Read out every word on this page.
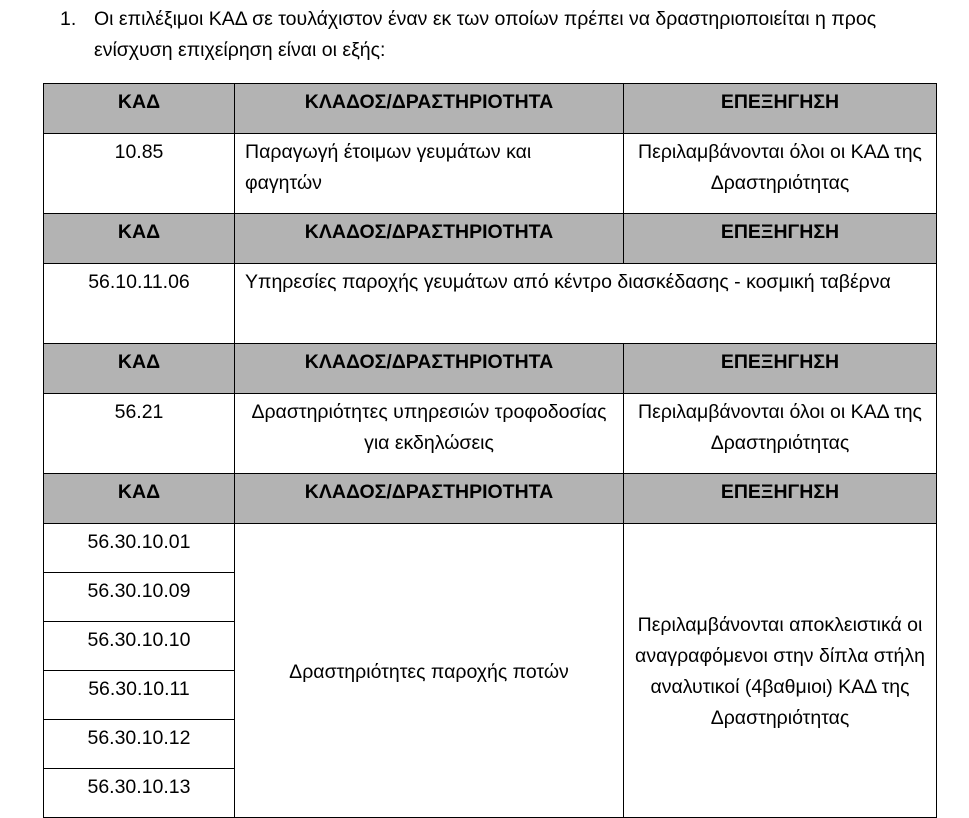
1. Οι επιλέξιμοι ΚΑΔ σε τουλάχιστον έναν εκ των οποίων πρέπει να δραστηριοποιείται η προς ενίσχυση επιχείρηση είναι οι εξής:
ΚΑΔ	ΚΛΑΔΟΣ/ΔΡΑΣΤΗΡΙΟΤΗΤΑ	ΕΠΕΞΗΓΗΣΗ
10.85	Παραγωγή έτοιμων γευμάτων και φαγητών	Περιλαμβάνονται όλοι οι ΚΑΔ της Δραστηριότητας
ΚΑΔ	ΚΛΑΔΟΣ/ΔΡΑΣΤΗΡΙΟΤΗΤΑ	ΕΠΕΞΗΓΗΣΗ
56.10.11.06	Υπηρεσίες παροχής γευμάτων από κέντρο διασκέδασης - κοσμική ταβέρνα	
ΚΑΔ	ΚΛΑΔΟΣ/ΔΡΑΣΤΗΡΙΟΤΗΤΑ	ΕΠΕΞΗΓΗΣΗ
56.21	Δραστηριότητες υπηρεσιών τροφοδοσίας για εκδηλώσεις	Περιλαμβάνονται όλοι οι ΚΑΔ της Δραστηριότητας
ΚΑΔ	ΚΛΑΔΟΣ/ΔΡΑΣΤΗΡΙΟΤΗΤΑ	ΕΠΕΞΗΓΗΣΗ
56.30.10.01	Δραστηριότητες παροχής ποτών	Περιλαμβάνονται αποκλειστικά οι αναγραφόμενοι στην δίπλα στήλη αναλυτικοί (4βαθμιοι) ΚΑΔ της Δραστηριότητας
56.30.10.09		
56.30.10.10		
56.30.10.11		
56.30.10.12		
56.30.10.13		
